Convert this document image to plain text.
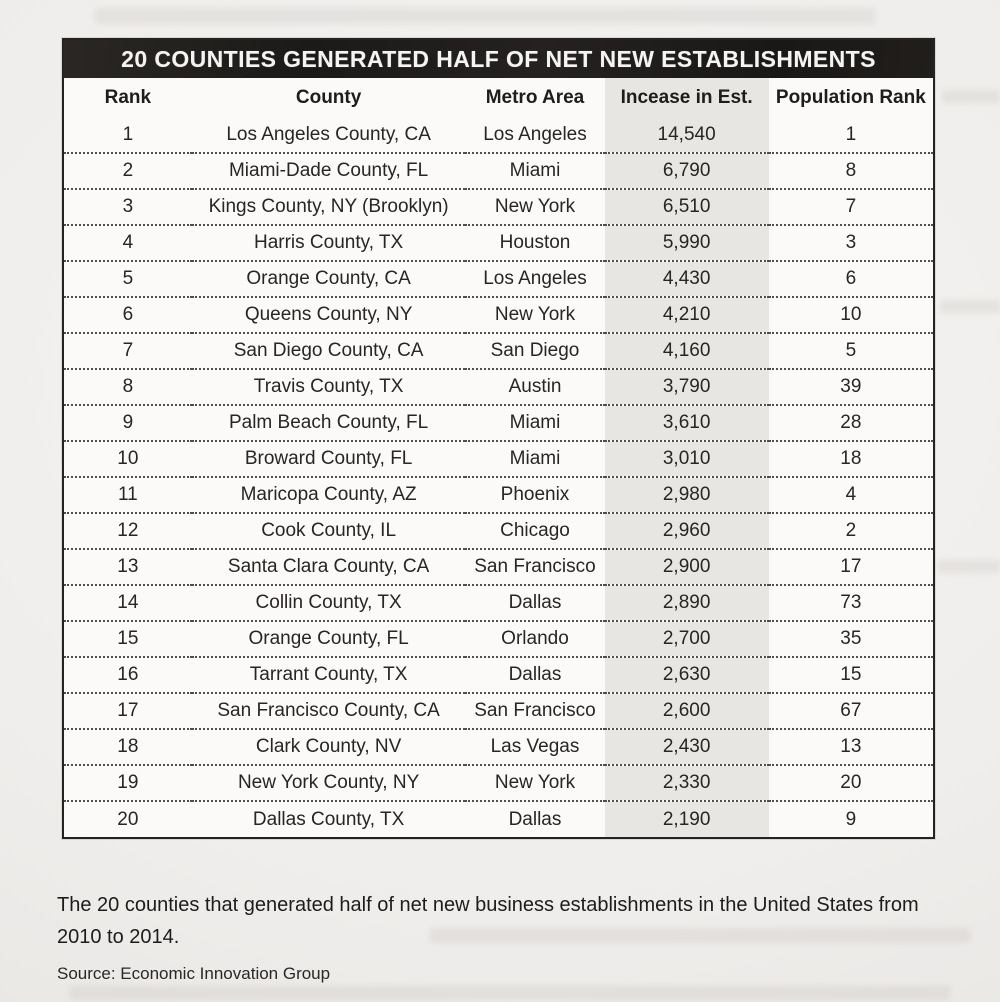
20 COUNTIES GENERATED HALF OF NET NEW ESTABLISHMENTS
Rank	County	Metro Area	Incease in Est.	Population Rank
1	Los Angeles County, CA	Los Angeles	14,540	1
2	Miami-Dade County, FL	Miami	6,790	8
3	Kings County, NY (Brooklyn)	New York	6,510	7
4	Harris County, TX	Houston	5,990	3
5	Orange County, CA	Los Angeles	4,430	6
6	Queens County, NY	New York	4,210	10
7	San Diego County, CA	San Diego	4,160	5
8	Travis County, TX	Austin	3,790	39
9	Palm Beach County, FL	Miami	3,610	28
10	Broward County, FL	Miami	3,010	18
11	Maricopa County, AZ	Phoenix	2,980	4
12	Cook County, IL	Chicago	2,960	2
13	Santa Clara County, CA	San Francisco	2,900	17
14	Collin County, TX	Dallas	2,890	73
15	Orange County, FL	Orlando	2,700	35
16	Tarrant County, TX	Dallas	2,630	15
17	San Francisco County, CA	San Francisco	2,600	67
18	Clark County, NV	Las Vegas	2,430	13
19	New York County, NY	New York	2,330	20
20	Dallas County, TX	Dallas	2,190	9

The 20 counties that generated half of net new business establishments in the United States from 2010 to 2014.

Source: Economic Innovation Group
